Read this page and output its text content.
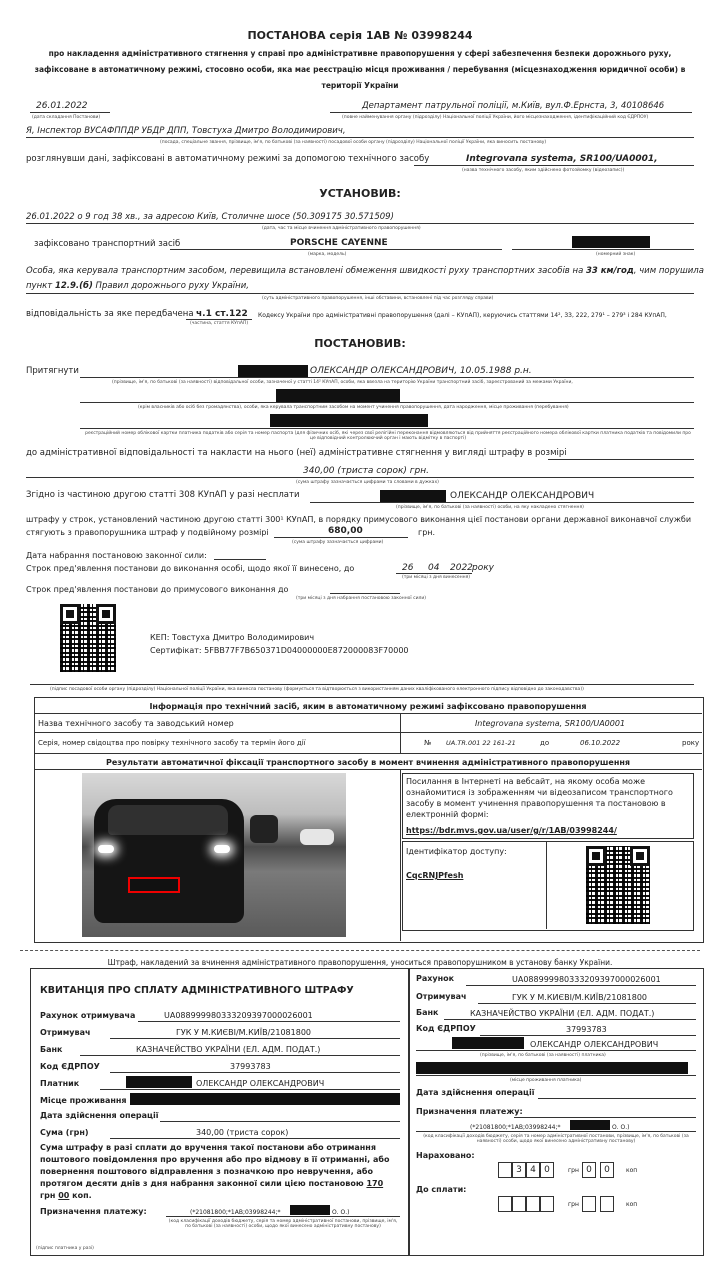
ПОСТАНОВА серія 1АВ № 03998244
про накладення адміністративного стягнення у справі про адміністративне правопорушення у сфері забезпечення безпеки дорожнього руху,
зафіксоване в автоматичному режимі, стосовно особи, яка має реєстрацію місця проживання / перебування (місцезнаходження юридичної особи) в
території України
26.01.2022
(дата складання Постанови)
Департамент патрульної поліції, м.Київ, вул.Ф.Ернста, 3, 40108646
(повне найменування органу (підрозділу) Національної поліції України, його місцезнаходження, ідентифікаційний код ЄДРПОУ)
Я, Інспектор ВУСАФППДР УБДР ДПП, Товстуха Дмитро Володимирович,
(посада, спеціальне звання, прізвище, ім'я, по батькові (за наявності) посадової особи органу (підрозділу) Національної поліції України, яка виносить постанову)
розглянувши дані, зафіксовані в автоматичному режимі за допомогою технічного засобу	Integrovana systema, SR100/UA0001,
(назва технічного засобу, яким здійснено фотозйомку (відеозапис))
УСТАНОВИВ:
26.01.2022 о 9 год 38 хв., за адресою Київ, Столичне шосе (50.309175 30.571509)
(дата, час та місце вчинення адміністративного правопорушення)
зафіксовано транспортний засіб	PORSCHE CAYENNE
(марка, модель)	(номерний знак)
Особа, яка керувала транспортним засобом, перевищила встановлені обмеження швидкості руху транспортних засобів на 33 км/год, чим порушила
пункт 12.9.(б) Правил дорожнього руху України,
(суть адміністративного правопорушення, інші обставини, встановлені під час розгляду справи)
відповідальність за яке передбачена ч.1 ст.122
(частина, стаття КУпАП)
Кодексу України про адміністративні правопорушення (далі – КУпАП), керуючись статтями 14², 33, 222, 279¹ – 279³ і 284 КУпАП,
ПОСТАНОВИВ:
Притягнути	ОЛЕКСАНДР ОЛЕКСАНДРОВИЧ, 10.05.1988 р.н.
(прізвище, ім'я, по батькові (за наявності) відповідальної особи, зазначеної у статті 14² КУпАП, особи, яка ввезла на територію України транспортний засіб, зареєстрований за межами України,
(крім власників або осіб без громадянства), особи, яка керувала транспортним засобом на момент учинення правопорушення, дата народження, місце проживання (перебування)
реєстраційний номер облікової картки платника податків або серія та номер паспорта (для фізичних осіб, які через свої релігійні переконання відмовляються від прийняття реєстраційного номера облікової картки платника податків та повідомили про це відповідний контролюючий орган і мають відмітку в паспорті)
до адміністративної відповідальності та накласти на нього (неї) адміністративне стягнення у вигляді штрафу в розмірі
340,00 (триста сорок) грн.
(сума штрафу зазначається цифрами та словами в дужках)
Згідно із частиною другою статті 308 КУпАП у разі несплати	ОЛЕКСАНДР ОЛЕКСАНДРОВИЧ
(прізвище, ім'я, по батькові (за наявності) особи, на яку накладено стягнення)
штрафу у строк, установлений частиною другою статті 300¹ КУпАП, в порядку примусового виконання цієї постанови органи державної виконавчої служби
стягують з правопорушника штраф у подвійному розмірі	680,00
(сума штрафу зазначається цифрами)
грн.
Дата набрання постановою законної сили:
Строк пред'явлення постанови до виконання особі, щодо якої її винесено, до	26 04 2022 року
(три місяці з дня винесення)
Строк пред'явлення постанови до примусового виконання до
(три місяці з дня набрання постановою законної сили)
КЕП: Товстуха Дмитро Володимирович
Сертифікат: 5FBB77F7B650371D04000000E872000083F70000
(підпис посадової особи органу (підрозділу) Національної поліції України, яка винесла постанову (формується та відтворюється з використанням даних кваліфікованого електронного підпису відповідно до законодавства))
Інформація про технічний засіб, яким в автоматичному режимі зафіксовано правопорушення
Назва технічного засобу та заводський номер	Integrovana systema, SR100/UA0001
Серія, номер свідоцтва про повірку технічного засобу та термін його дії	№ UA.TR.001 22 161-21	до	06.10.2022	року
Результати автоматичної фіксації транспортного засобу в момент вчинення адміністративного правопорушення
Посилання в Інтернеті на вебсайт, на якому особа може ознайомитися із зображенням чи відеозаписом транспортного засобу в момент учинення правопорушення та постановою в електронній формі:
https://bdr.mvs.gov.ua/user/g/r/1AB/03998244/
Ідентифікатор доступу:
CqcRNJPfesh
Штраф, накладений за вчинення адміністративного правопорушення, уноситься правопорушником в установу банку України.
КВИТАНЦІЯ ПРО СПЛАТУ АДМІНІСТРАТИВНОГО ШТРАФУ
Рахунок отримувача	UA088999980333209397000026001
Отримувач	ГУК У М.КИЄВІ/М.КИЇВ/21081800
Банк	КАЗНАЧЕЙСТВО УКРАЇНИ (ЕЛ. АДМ. ПОДАТ.)
Код ЄДРПОУ	37993783
Платник	ОЛЕКСАНДР ОЛЕКСАНДРОВИЧ
Місце проживання
Дата здійснення операції
Сума (грн)	340,00 (триста сорок)
Сума штрафу в разі сплати до вручення такої постанови або отримання
поштового повідомлення про вручення або про відмову в її отриманні, або
повернення поштового відправлення з позначкою про невручення, або
протягом десяти днів з дня набрання законної сили цією постановою 170
грн 00 коп.
Призначення платежу:	(*21081800;*1АВ;03998244;*	О. О.)
(код класифікації доходів бюджету, серія та номер адміністративної постанови, прізвище, ім'я, по батькові (за наявності) особи, щодо якої винесено адміністративну постанову)
(підпис платника у разі)
Рахунок	UA088999980333209397000026001
Отримувач	ГУК У М.КИЄВІ/М.КИЇВ/21081800
Банк	КАЗНАЧЕЙСТВО УКРАЇНИ (ЕЛ. АДМ. ПОДАТ.)
Код ЄДРПОУ	37993783
ОЛЕКСАНДР ОЛЕКСАНДРОВИЧ
(прізвище, ім'я, по батькові (за наявності) платника)
(місце проживання платника)
Дата здійснення операції
Призначення платежу:
(*21081800;*1АВ;03998244;*	О. О.)
(код класифікації доходів бюджету, серія та номер адміністративної постанови, прізвище, ім'я, по батькові (за наявності) особи, щодо якої винесено адміністративну постанову)
Нараховано:
3 4 0	грн 0	0	коп
До сплати:
грн	коп
